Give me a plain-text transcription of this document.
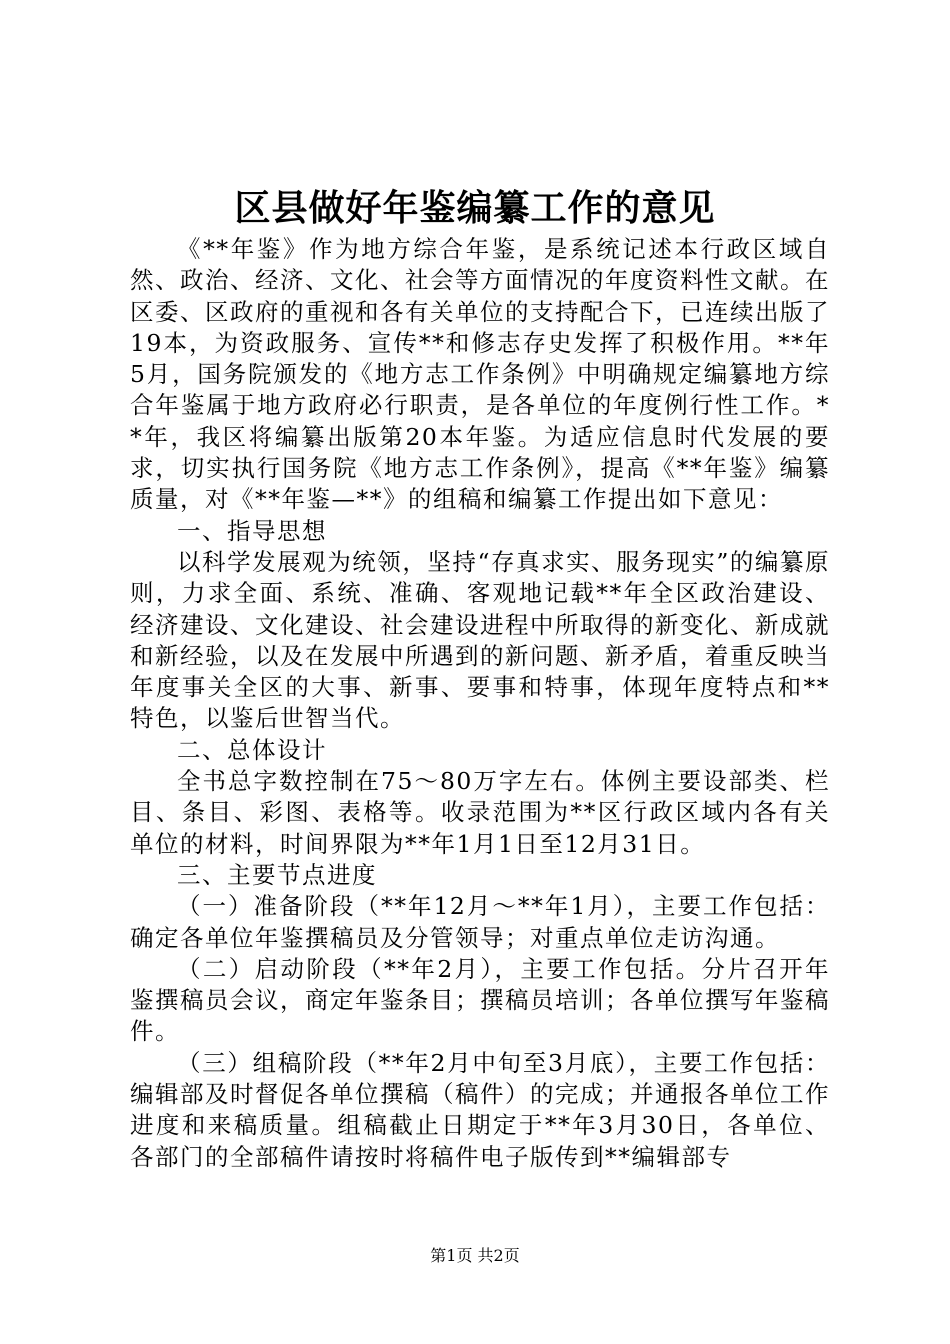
区县做好年鉴编纂工作的意见

《**年鉴》作为地方综合年鉴，是系统记述本行政区域自然、政治、经济、文化、社会等方面情况的年度资料性文献。在区委、区政府的重视和各有关单位的支持配合下，已连续出版了19本，为资政服务、宣传**和修志存史发挥了积极作用。**年5月，国务院颁发的《地方志工作条例》中明确规定编纂地方综合年鉴属于地方政府必行职责，是各单位的年度例行性工作。**年，我区将编纂出版第20本年鉴。为适应信息时代发展的要求，切实执行国务院《地方志工作条例》，提高《**年鉴》编纂质量，对《**年鉴—**》的组稿和编纂工作提出如下意见：

一、指导思想

以科学发展观为统领，坚持“存真求实、服务现实”的编纂原则，力求全面、系统、准确、客观地记载**年全区政治建设、经济建设、文化建设、社会建设进程中所取得的新变化、新成就和新经验，以及在发展中所遇到的新问题、新矛盾，着重反映当年度事关全区的大事、新事、要事和特事，体现年度特点和**特色，以鉴后世智当代。

二、总体设计

全书总字数控制在75～80万字左右。体例主要设部类、栏目、条目、彩图、表格等。收录范围为**区行政区域内各有关单位的材料，时间界限为**年1月1日至12月31日。

三、主要节点进度

（一）准备阶段（**年12月～**年1月），主要工作包括：确定各单位年鉴撰稿员及分管领导；对重点单位走访沟通。

（二）启动阶段（**年2月），主要工作包括。分片召开年鉴撰稿员会议，商定年鉴条目；撰稿员培训；各单位撰写年鉴稿件。

（三）组稿阶段（**年2月中旬至3月底），主要工作包括：编辑部及时督促各单位撰稿（稿件）的完成；并通报各单位工作进度和来稿质量。组稿截止日期定于**年3月30日，各单位、各部门的全部稿件请按时将稿件电子版传到**编辑部专

第1页 共2页
